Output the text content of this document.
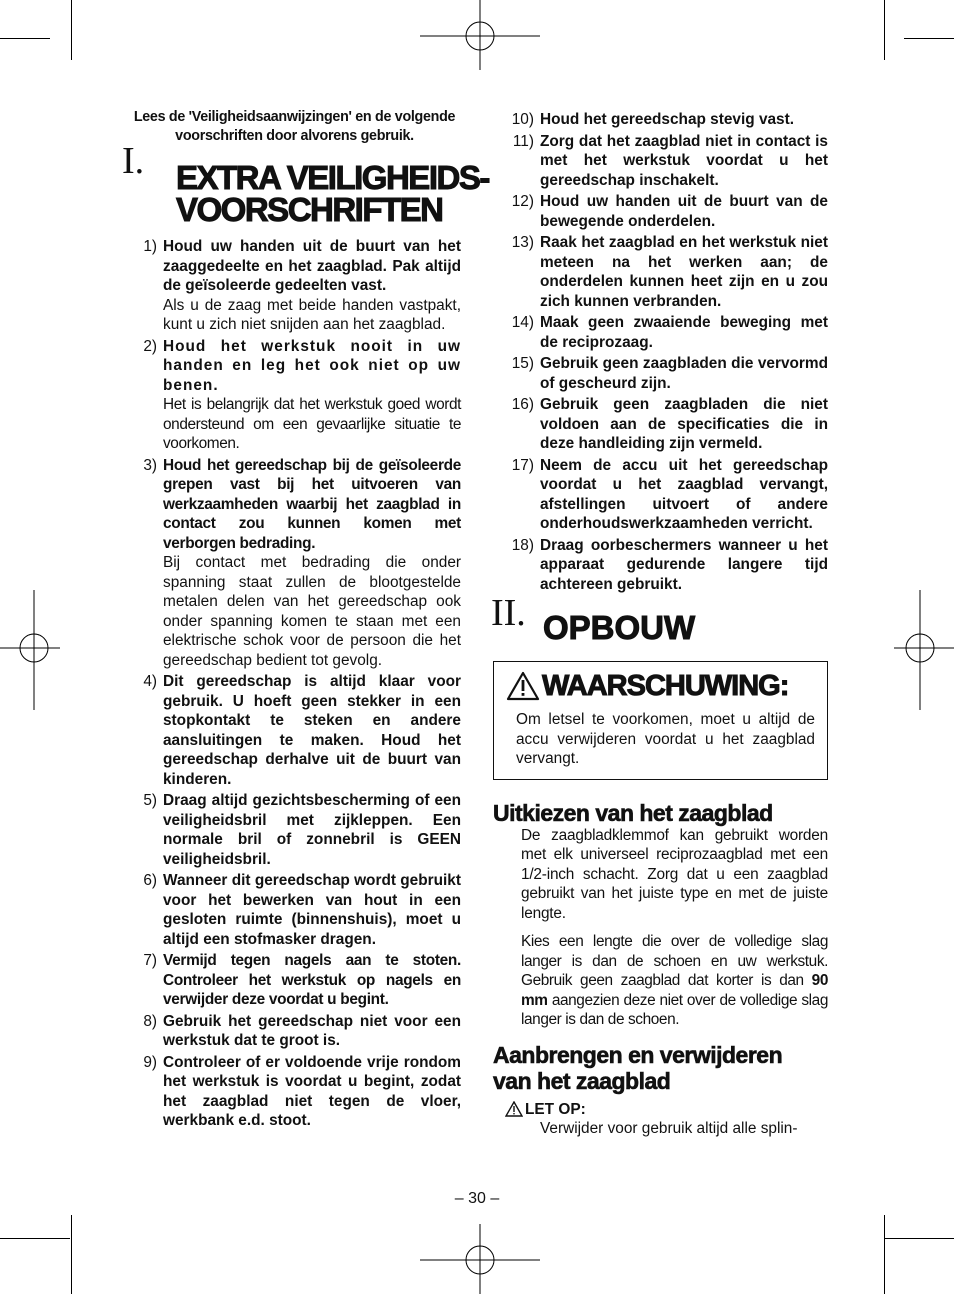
Lees de 'Veiligheidsaanwijzingen' en de volgende voorschriften door alvorens gebruik.

I. EXTRA VEILIGHEIDS-
VOORSCHRIFTEN
1) Houd uw handen uit de buurt van het zaaggedeelte en het zaagblad. Pak altijd de geïsoleerde gedeelten vast.
Als u de zaag met beide handen vastpakt, kunt u zich niet snijden aan het zaagblad.
2) Houd het werkstuk nooit in uw handen en leg het ook niet op uw benen.
Het is belangrijk dat het werkstuk goed wordt ondersteund om een gevaarlijke situatie te voorkomen.
3) Houd het gereedschap bij de geïsoleerde grepen vast bij het uitvoeren van werkzaamheden waarbij het zaagblad in contact zou kunnen komen met verborgen bedrading.
Bij contact met bedrading die onder spanning staat zullen de blootgestelde metalen delen van het gereedschap ook onder spanning komen te staan met een elektrische schok voor de persoon die het gereedschap bedient tot gevolg.
4) Dit gereedschap is altijd klaar voor gebruik. U hoeft geen stekker in een stopkontakt te steken en andere aansluitingen te maken. Houd het gereedschap derhalve uit de buurt van kinderen.
5) Draag altijd gezichtsbescherming of een veiligheidsbril met zijkleppen. Een normale bril of zonnebril is GEEN veiligheidsbril.
6) Wanneer dit gereedschap wordt gebruikt voor het bewerken van hout in een gesloten ruimte (binnenshuis), moet u altijd een stofmasker dragen.
7) Vermijd tegen nagels aan te stoten. Controleer het werkstuk op nagels en verwijder deze voordat u begint.
8) Gebruik het gereedschap niet voor een werkstuk dat te groot is.
9) Controleer of er voldoende vrije rondom het werkstuk is voordat u begint, zodat het zaagblad niet tegen de vloer, werkbank e.d. stoot.
10) Houd het gereedschap stevig vast.
11) Zorg dat het zaagblad niet in contact is met het werkstuk voordat u het gereedschap inschakelt.
12) Houd uw handen uit de buurt van de bewegende onderdelen.
13) Raak het zaagblad en het werkstuk niet meteen na het werken aan; de onderdelen kunnen heet zijn en u zou zich kunnen verbranden.
14) Maak geen zwaaiende beweging met de reciprozaag.
15) Gebruik geen zaagbladen die vervormd of gescheurd zijn.
16) Gebruik geen zaagbladen die niet voldoen aan de specificaties die in deze handleiding zijn vermeld.
17) Neem de accu uit het gereedschap voordat u het zaagblad vervangt, afstellingen uitvoert of andere onderhoudswerkzaamheden verricht.
18) Draag oorbeschermers wanneer u het apparaat gedurende langere tijd achtereen gebruikt.
II. OPBOUW
WAARSCHUWING:

Om letsel te voorkomen, moet u altijd de accu verwijderen voordat u het zaagblad vervangt.

Uitkiezen van het zaagblad

De zaagbladklemmof kan gebruikt worden met elk universeel reciprozaagblad met een 1/2-inch schacht. Zorg dat u een zaagblad gebruikt van het juiste type en met de juiste lengte.

Kies een lengte die over de volledige slag langer is dan de schoen en uw werkstuk. Gebruik geen zaagblad dat korter is dan 90 mm aangezien deze niet over de volledige slag langer is dan de schoen.

Aanbrengen en verwijderen
van het zaagblad
LET OP:

Verwijder voor gebruik altijd alle splin-

– 30 –
